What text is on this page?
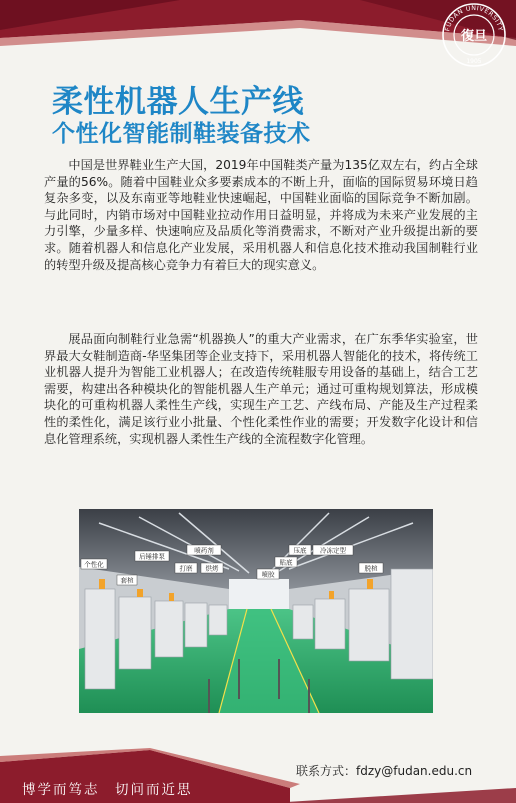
FUDAN UNIVERSITY
復旦
1905
柔性机器人生产线
个性化智能制鞋装备技术

中国是世界鞋业生产大国，2019年中国鞋类产量为135亿双左右，约占全球产量的56%。随着中国鞋业众多要素成本的不断上升，面临的国际贸易环境日趋复杂多变，以及东南亚等地鞋业快速崛起，中国鞋业面临的国际竞争不断加剧。与此同时，内销市场对中国鞋业拉动作用日益明显，并将成为未来产业发展的主力引擎，少量多样、快速响应及品质化等消费需求，不断对产业升级提出新的要求。随着机器人和信息化产业发展，采用机器人和信息化技术推动我国制鞋行业的转型升级及提高核心竞争力有着巨大的现实意义。

展品面向制鞋行业急需“机器换人”的重大产业需求，在广东季华实验室，世界最大女鞋制造商-华坚集团等企业支持下，采用机器人智能化的技术，将传统工业机器人提升为智能工业机器人；在改造传统鞋服专用设备的基础上，结合工艺需要，构建出各种模块化的智能机器人生产单元；通过可重构规划算法，形成模块化的可重构机器人柔性生产线，实现生产工艺、产线布局、产能及生产过程柔性的柔性化，满足该行业小批量、个性化柔性作业的需要；开发数字化设计和信息化管理系统，实现机器人柔性生产线的全流程数字化管理。

个性化
后锤排泵
套楦
喷药剂
打磨 烘烤
喷胶
贴底
压底 冷冻定型
脱楦
博学而笃志　切问而近思
联系方式：fdzy@fudan.edu.cn
